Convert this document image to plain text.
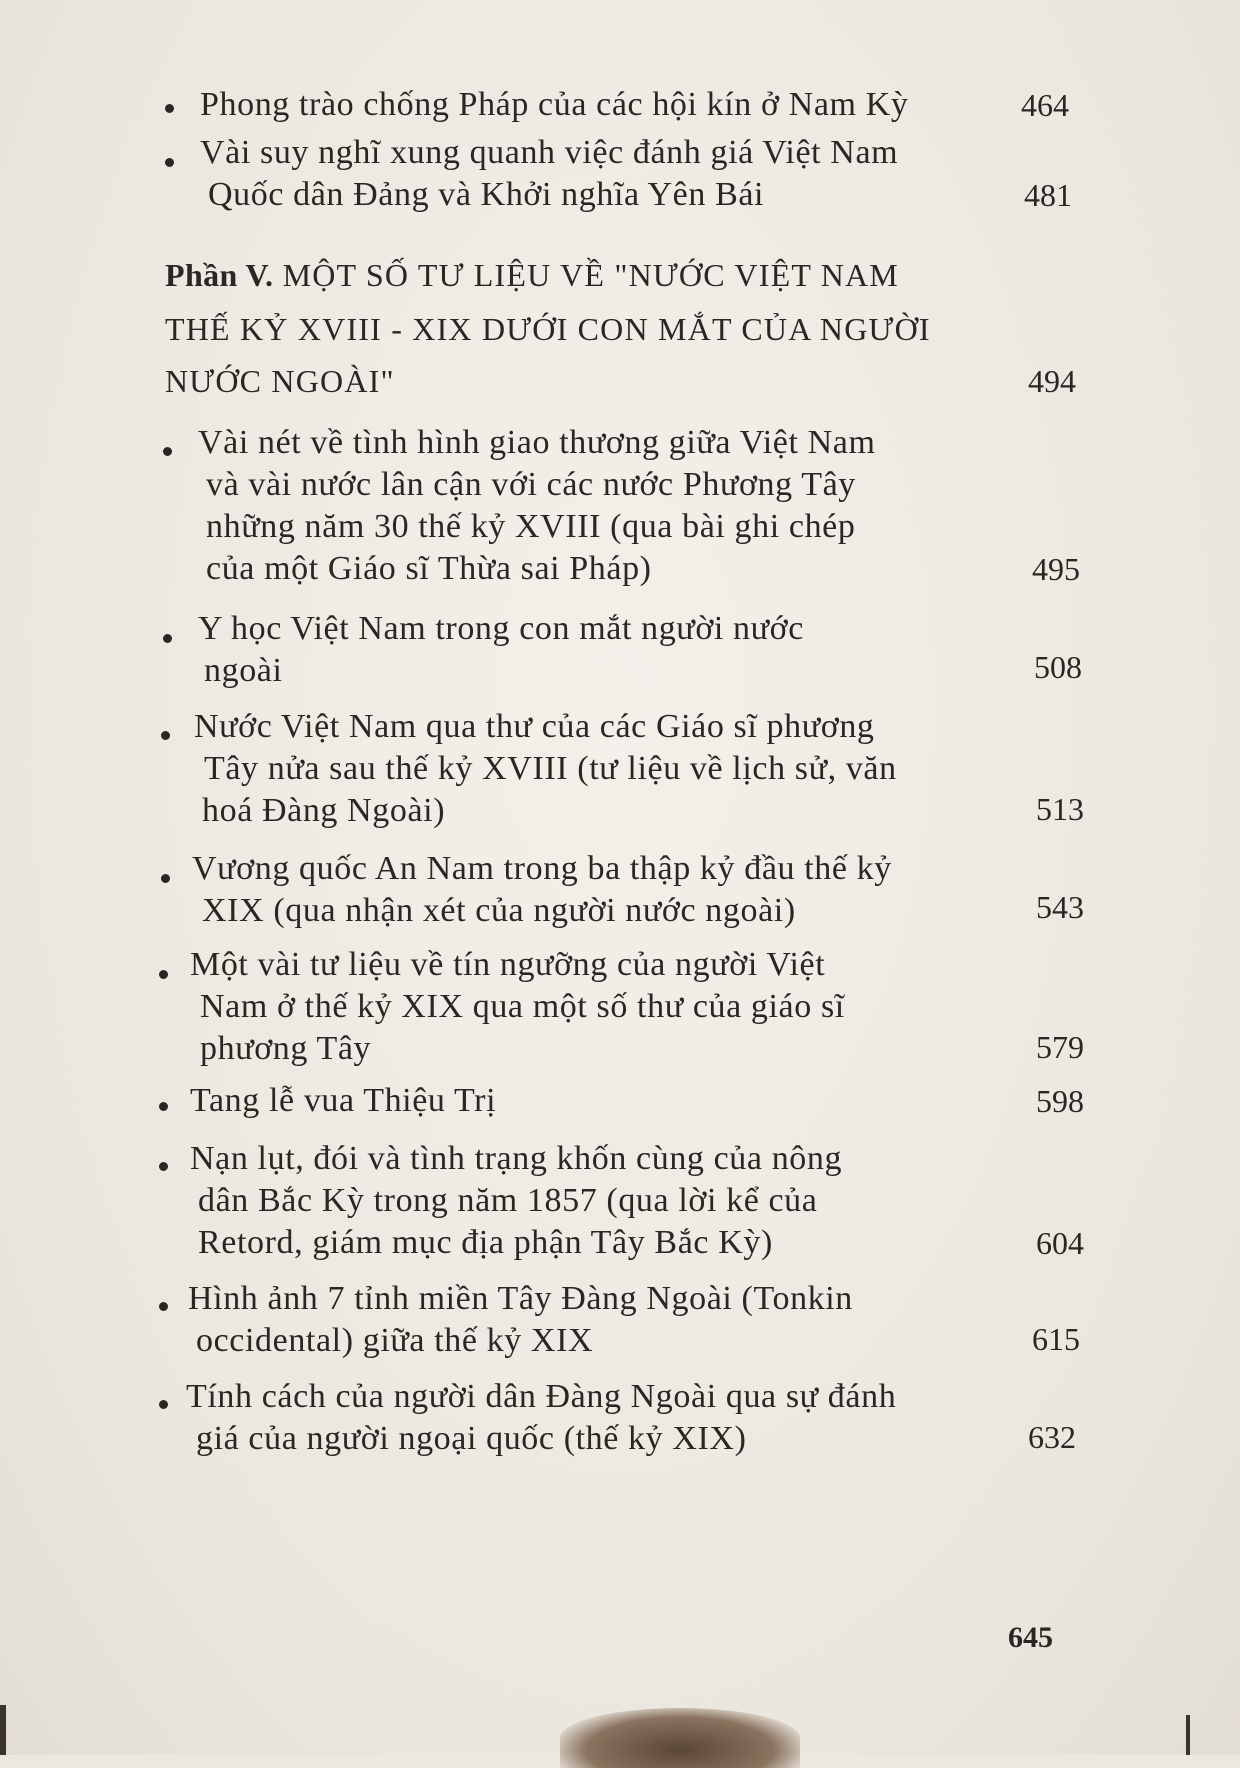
Phong trào chống Pháp của các hội kín ở Nam Kỳ	464
Vài suy nghĩ xung quanh việc đánh giá Việt Nam
Quốc dân Đảng và Khởi nghĩa Yên Bái	481
Phần V. MỘT SỐ TƯ LIỆU VỀ "NƯỚC VIỆT NAM
THẾ KỶ XVIII - XIX DƯỚI CON MẮT CỦA NGƯỜI
NƯỚC NGOÀI"	494
Vài nét về tình hình giao thương giữa Việt Nam
và vài nước lân cận với các nước Phương Tây
những năm 30 thế kỷ XVIII (qua bài ghi chép
của một Giáo sĩ Thừa sai Pháp)	495
Y học Việt Nam trong con mắt người nước
ngoài	508
Nước Việt Nam qua thư của các Giáo sĩ phương
Tây nửa sau thế kỷ XVIII (tư liệu về lịch sử, văn
hoá Đàng Ngoài)	513
Vương quốc An Nam trong ba thập kỷ đầu thế kỷ
XIX (qua nhận xét của người nước ngoài)	543
Một vài tư liệu về tín ngưỡng của người Việt
Nam ở thế kỷ XIX qua một số thư của giáo sĩ
phương Tây	579
Tang lễ vua Thiệu Trị	598
Nạn lụt, đói và tình trạng khốn cùng của nông
dân Bắc Kỳ trong năm 1857 (qua lời kể của
Retord, giám mục địa phận Tây Bắc Kỳ)	604
Hình ảnh 7 tỉnh miền Tây Đàng Ngoài (Tonkin
occidental) giữa thế kỷ XIX	615
Tính cách của người dân Đàng Ngoài qua sự đánh
giá của người ngoại quốc (thế kỷ XIX)	632
645
